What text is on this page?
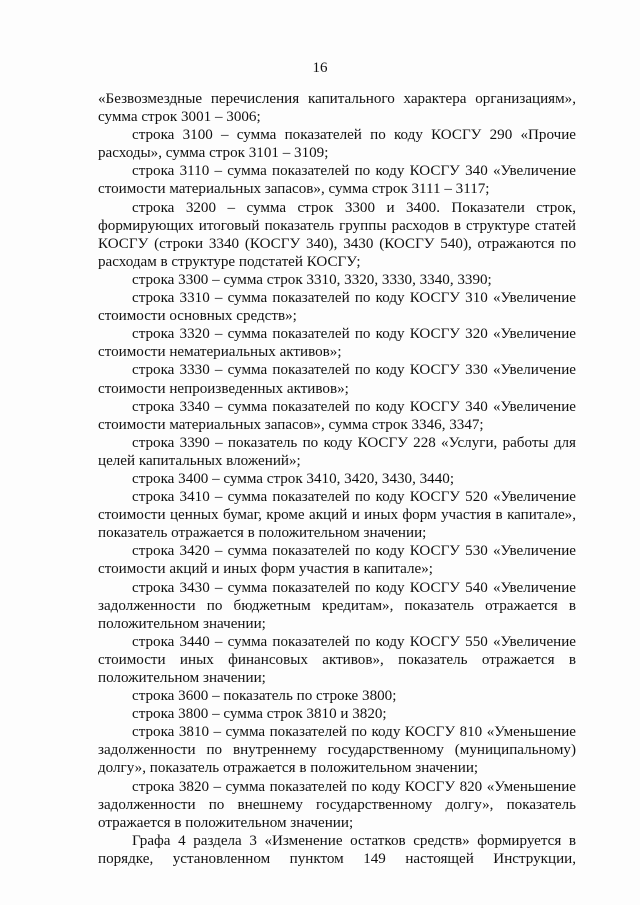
16

«Безвозмездные перечисления капитального характера организациям», сумма строк 3001 – 3006;

строка 3100 – сумма показателей по коду КОСГУ 290 «Прочие расходы», сумма строк 3101 – 3109;

строка 3110 – сумма показателей по коду КОСГУ 340 «Увеличение стоимости материальных запасов», сумма строк 3111 – 3117;

строка 3200 – сумма строк 3300 и 3400. Показатели строк, формирующих итоговый показатель группы расходов в структуре статей КОСГУ (строки 3340 (КОСГУ 340), 3430 (КОСГУ 540), отражаются по расходам в структуре подстатей КОСГУ;

строка 3300 – сумма строк 3310, 3320, 3330, 3340, 3390;

строка 3310 – сумма показателей по коду КОСГУ 310 «Увеличение стоимости основных средств»;

строка 3320 – сумма показателей по коду КОСГУ 320 «Увеличение стоимости нематериальных активов»;

строка 3330 – сумма показателей по коду КОСГУ 330 «Увеличение стоимости непроизведенных активов»;

строка 3340 – сумма показателей по коду КОСГУ 340 «Увеличение стоимости материальных запасов», сумма строк 3346, 3347;

строка 3390 – показатель по коду КОСГУ 228 «Услуги, работы для целей капитальных вложений»;

строка 3400 – сумма строк 3410, 3420, 3430, 3440;

строка 3410 – сумма показателей по коду КОСГУ 520 «Увеличение стоимости ценных бумаг, кроме акций и иных форм участия в капитале», показатель отражается в положительном значении;

строка 3420 – сумма показателей по коду КОСГУ 530 «Увеличение стоимости акций и иных форм участия в капитале»;

строка 3430 – сумма показателей по коду КОСГУ 540 «Увеличение задолженности по бюджетным кредитам», показатель отражается в положительном значении;

строка 3440 – сумма показателей по коду КОСГУ 550 «Увеличение стоимости иных финансовых активов», показатель отражается в положительном значении;

строка 3600 – показатель по строке 3800;

строка 3800 – сумма строк 3810 и 3820;

строка 3810 – сумма показателей по коду КОСГУ 810 «Уменьшение задолженности по внутреннему государственному (муниципальному) долгу», показатель отражается в положительном значении;

строка 3820 – сумма показателей по коду КОСГУ 820 «Уменьшение задолженности по внешнему государственному долгу», показатель отражается в положительном значении;

Графа 4 раздела 3 «Изменение остатков средств» формируется в порядке, установленном пунктом 149 настоящей Инструкции,
